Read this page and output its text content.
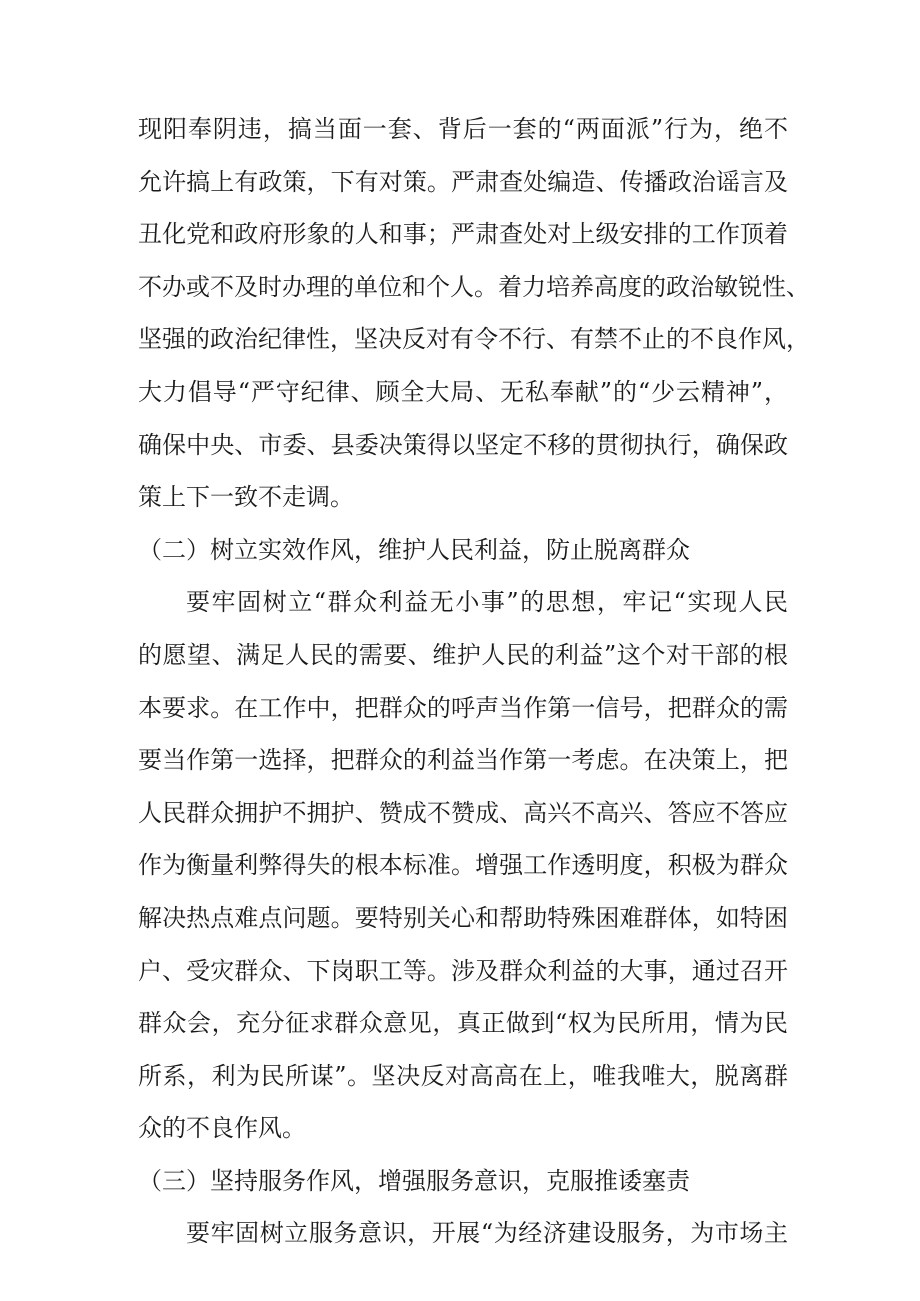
现阳奉阴违，搞当面一套、背后一套的“两面派”行为，绝不
允许搞上有政策，下有对策。严肃查处编造、传播政治谣言及
丑化党和政府形象的人和事；严肃查处对上级安排的工作顶着
不办或不及时办理的单位和个人。着力培养高度的政治敏锐性、
坚强的政治纪律性，坚决反对有令不行、有禁不止的不良作风，
大力倡导“严守纪律、顾全大局、无私奉献”的“少云精神”，
确保中央、市委、县委决策得以坚定不移的贯彻执行，确保政
策上下一致不走调。
（二）树立实效作风，维护人民利益，防止脱离群众
要牢固树立“群众利益无小事”的思想，牢记“实现人民
的愿望、满足人民的需要、维护人民的利益”这个对干部的根
本要求。在工作中，把群众的呼声当作第一信号，把群众的需
要当作第一选择，把群众的利益当作第一考虑。在决策上，把
人民群众拥护不拥护、赞成不赞成、高兴不高兴、答应不答应
作为衡量利弊得失的根本标准。增强工作透明度，积极为群众
解决热点难点问题。要特别关心和帮助特殊困难群体，如特困
户、受灾群众、下岗职工等。涉及群众利益的大事，通过召开
群众会，充分征求群众意见，真正做到“权为民所用，情为民
所系，利为民所谋”。坚决反对高高在上，唯我唯大，脱离群
众的不良作风。
（三）坚持服务作风，增强服务意识，克服推诿塞责
要牢固树立服务意识，开展“为经济建设服务，为市场主
